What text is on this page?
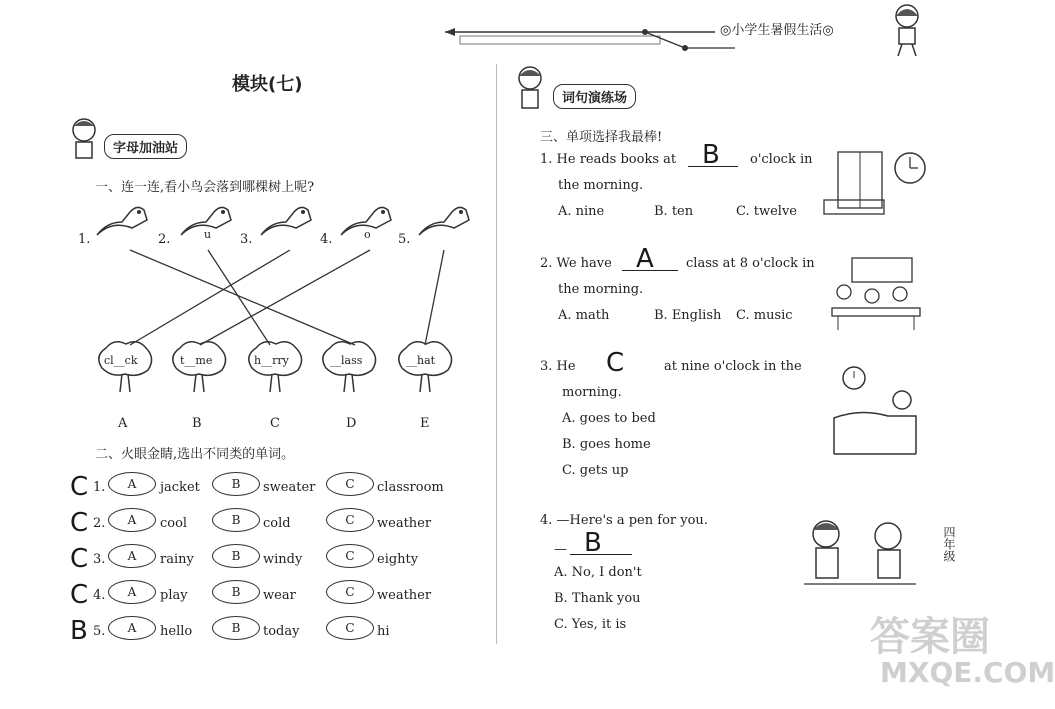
◎小学生暑假生活◎
模块(七)
字母加油站
一、连一连,看小鸟会落到哪棵树上呢?
1.	2.	3.	4.	5.
u	o
cl__ck	t__me	h__rry	__lass	__hat
A	B	C	D	E
二、火眼金睛,选出不同类的单词。
C 1.	A	jacket	B	sweater	C	classroom
C 2.	A	cool	B	cold	C	weather
C 3.	A	rainy	B	windy	C	eighty
C 4.	A	play	B	wear	C	weather
B 5.	A	hello	B	today	C	hi
词句演练场
三、单项选择我最棒!
1. He reads books at B o'clock in
the morning.
A. nine	B. ten	C. twelve
2. We have A class at 8 o'clock in
the morning.
A. math	B. English C. music
3. He C	at nine o'clock in the
morning.
A. goes to bed
B. goes home
C. gets up
4. —Here's a pen for you.
— B
A. No, I don't
B. Thank you
C. Yes, it is
四年级
答案圈
MXQE.COM
